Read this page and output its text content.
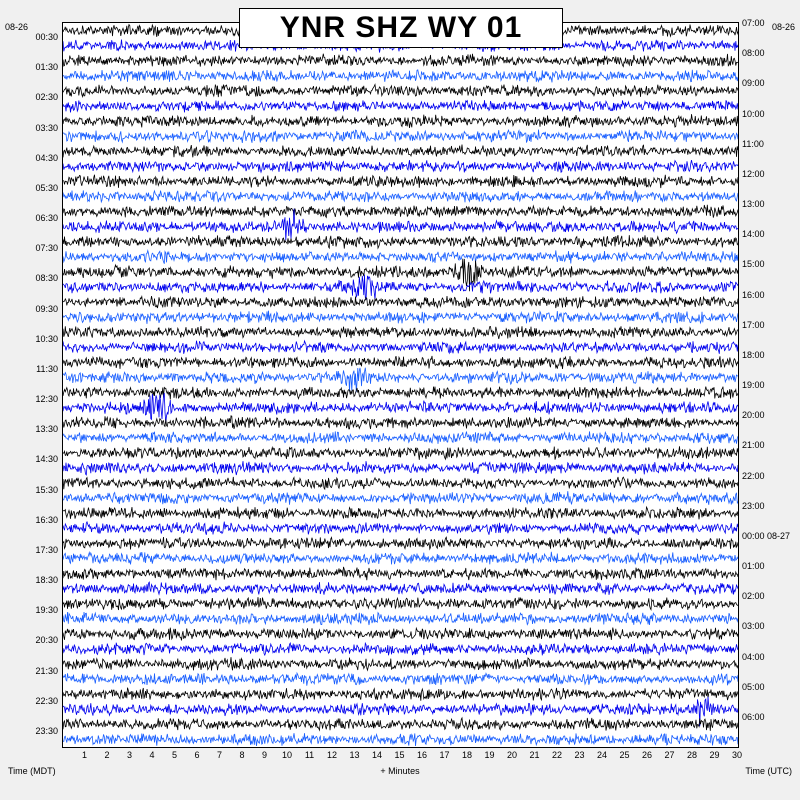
YNR SHZ WY 01
08-26	08-26
00:30
01:30
02:30
03:30
04:30
05:30
06:30
07:30
08:30
09:30
10:30
11:30
12:30
13:30
14:30
15:30
16:30
17:30
18:30
19:30
20:30
21:30
22:30
23:30
07:00
08:00
09:00
10:00
11:00
12:00
13:00
14:00
15:00
16:00
17:00
18:00
19:00
20:00
21:00
22:00
23:00
00:00 08-27
01:00
02:00
03:00
04:00
05:00
06:00
1	2	3	4	5	6	7	8	9	10	11	12	13	14	15	16	17	18	19	20	21	22	23	24	25	26	27	28	29	30
+ Minutes
Time (MDT)	Time (UTC)
